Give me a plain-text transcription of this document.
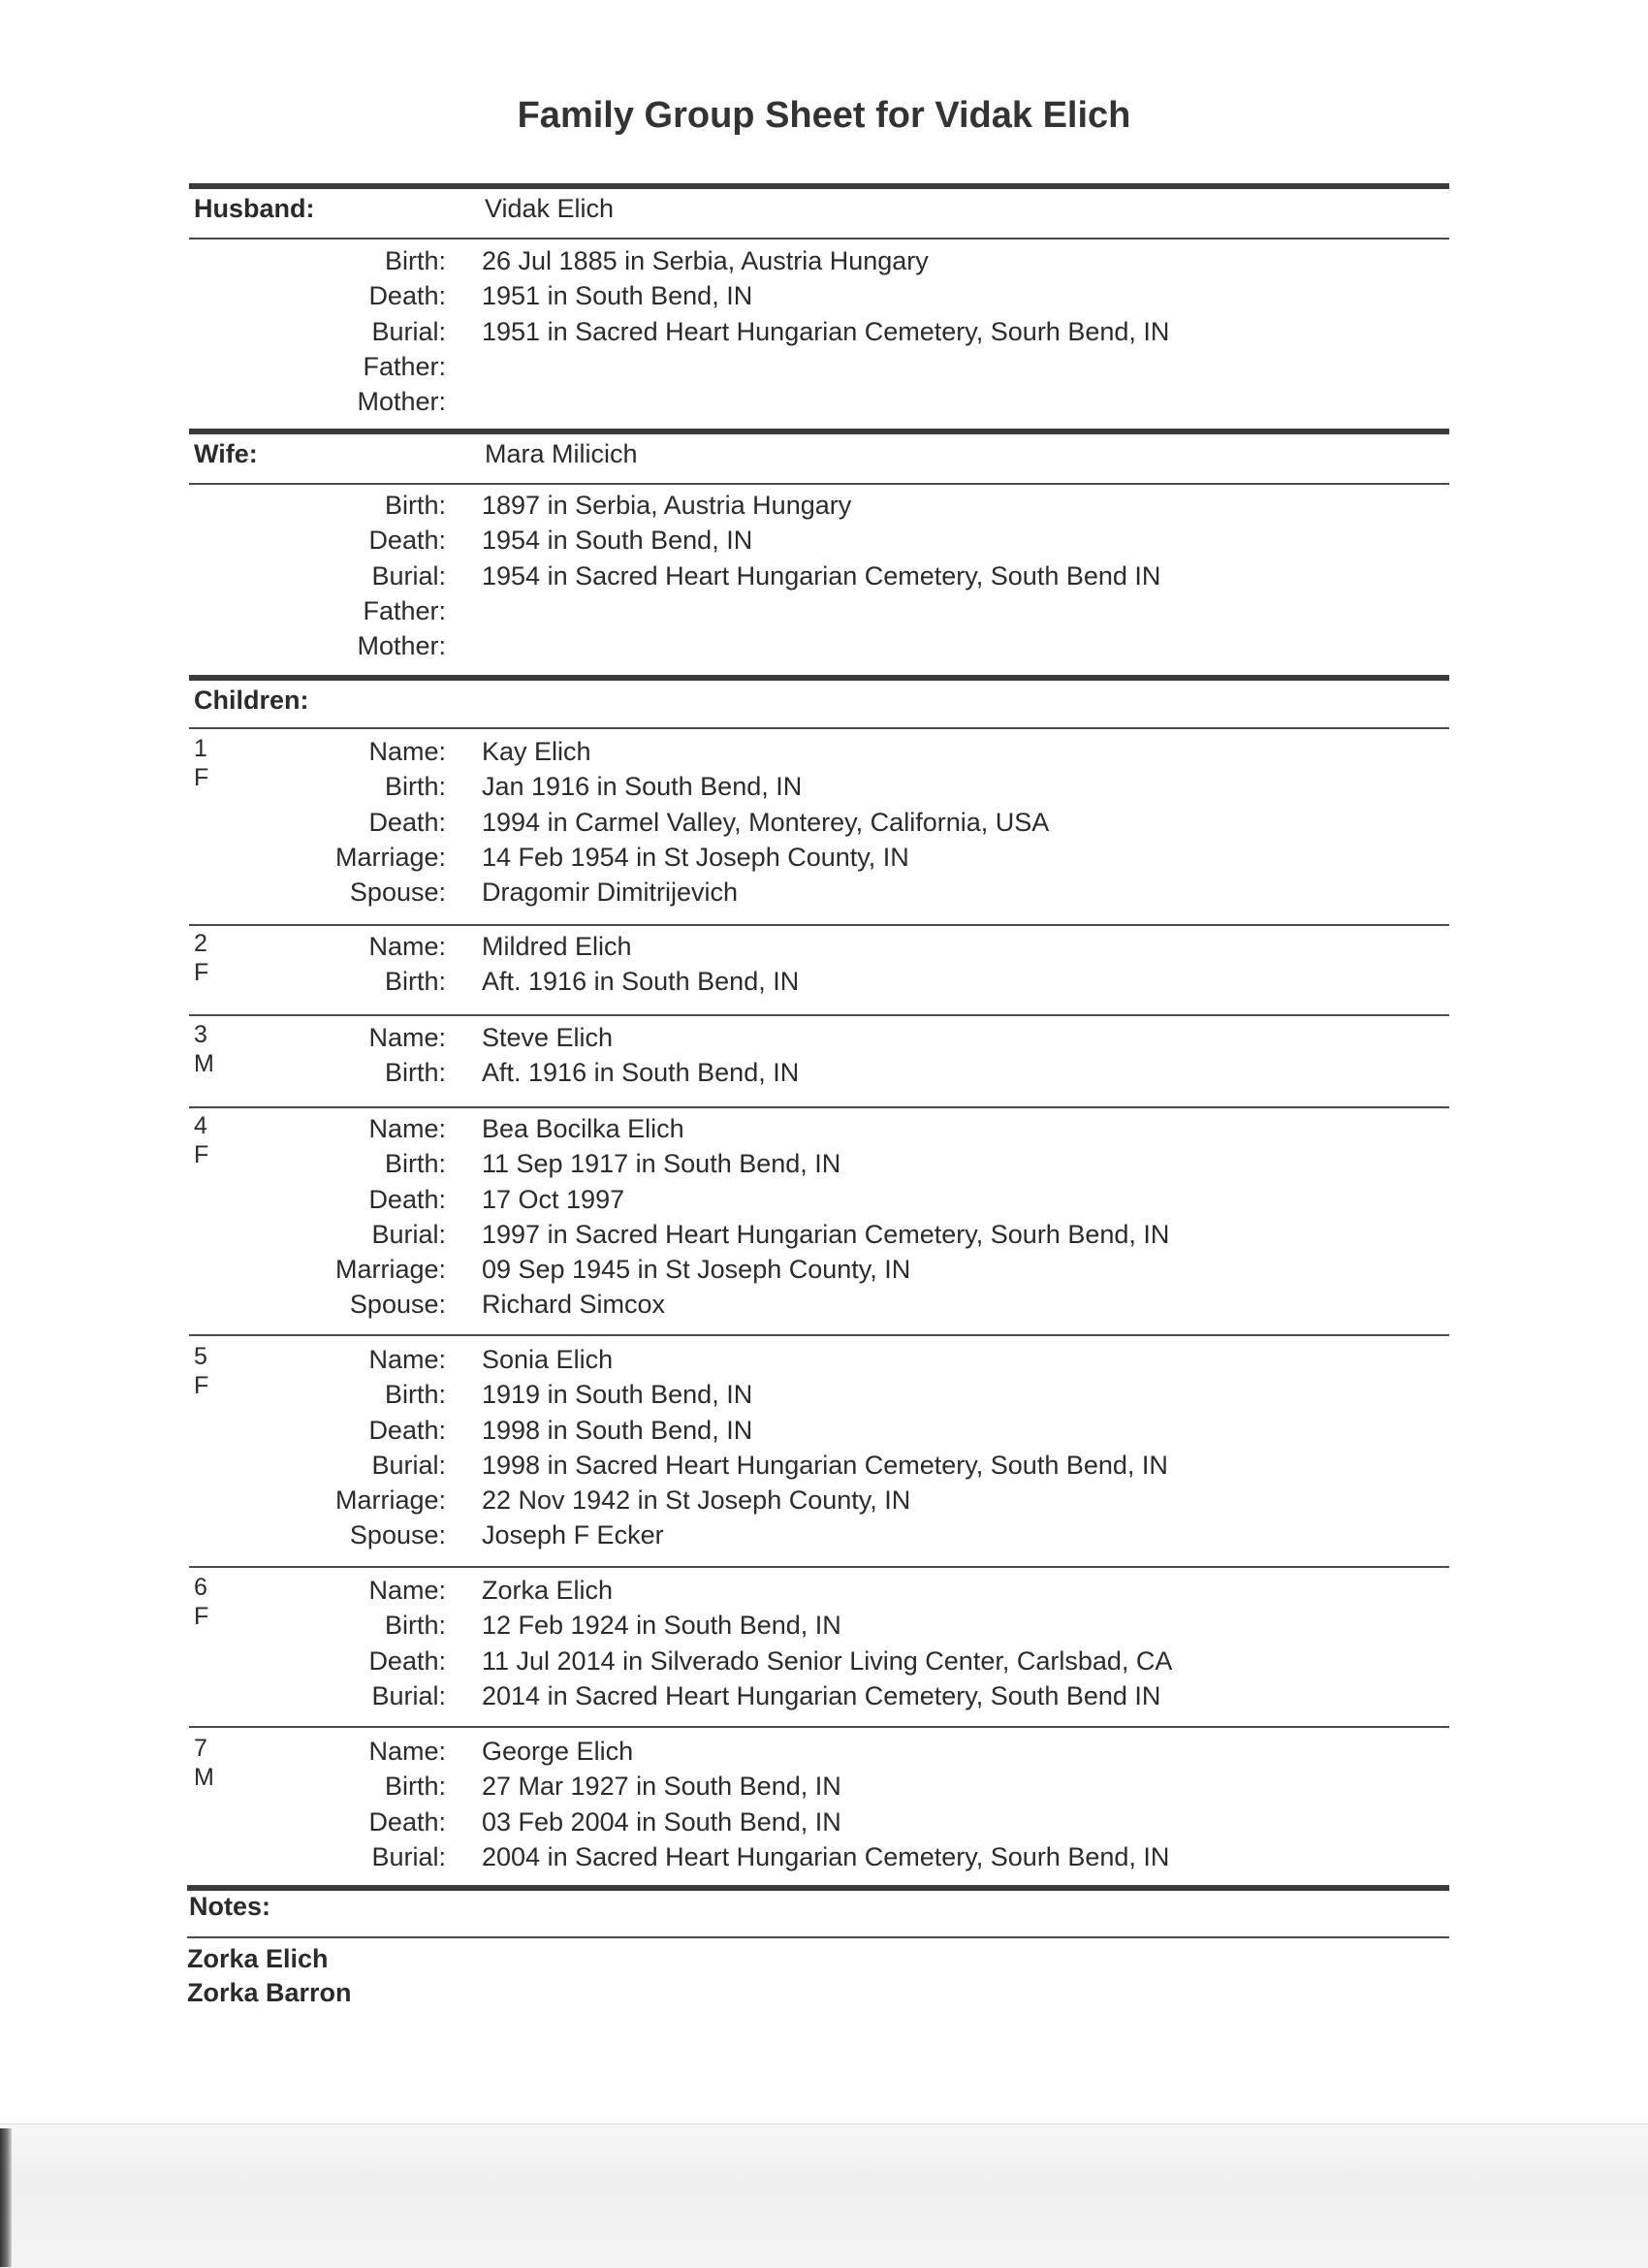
Family Group Sheet for Vidak Elich
Husband:	Vidak Elich
Birth: 26 Jul 1885 in Serbia, Austria Hungary
Death: 1951 in South Bend, IN
Burial: 1951 in Sacred Heart Hungarian Cemetery, Sourh Bend, IN
Father:
Mother:
Wife:	Mara Milicich
Birth: 1897 in Serbia, Austria Hungary
Death: 1954 in South Bend, IN
Burial: 1954 in Sacred Heart Hungarian Cemetery, South Bend IN
Father:
Mother:
Children:
1
F
Name: Kay Elich
Birth: Jan 1916 in South Bend, IN
Death: 1994 in Carmel Valley, Monterey, California, USA
Marriage: 14 Feb 1954 in St Joseph County, IN
Spouse: Dragomir Dimitrijevich
2
F
Name: Mildred Elich
Birth: Aft. 1916 in South Bend, IN
3
M
Name: Steve Elich
Birth: Aft. 1916 in South Bend, IN
4
F
Name: Bea Bocilka Elich
Birth: 11 Sep 1917 in South Bend, IN
Death: 17 Oct 1997
Burial: 1997 in Sacred Heart Hungarian Cemetery, Sourh Bend, IN
Marriage: 09 Sep 1945 in St Joseph County, IN
Spouse: Richard Simcox
5
F
Name: Sonia Elich
Birth: 1919 in South Bend, IN
Death: 1998 in South Bend, IN
Burial: 1998 in Sacred Heart Hungarian Cemetery, South Bend, IN
Marriage: 22 Nov 1942 in St Joseph County, IN
Spouse: Joseph F Ecker
6
F
Name: Zorka Elich
Birth: 12 Feb 1924 in South Bend, IN
Death: 11 Jul 2014 in Silverado Senior Living Center, Carlsbad, CA
Burial: 2014 in Sacred Heart Hungarian Cemetery, South Bend IN
7
M
Name: George Elich
Birth: 27 Mar 1927 in South Bend, IN
Death: 03 Feb 2004 in South Bend, IN
Burial: 2004 in Sacred Heart Hungarian Cemetery, Sourh Bend, IN
Notes:
Zorka Elich
Zorka Barron
